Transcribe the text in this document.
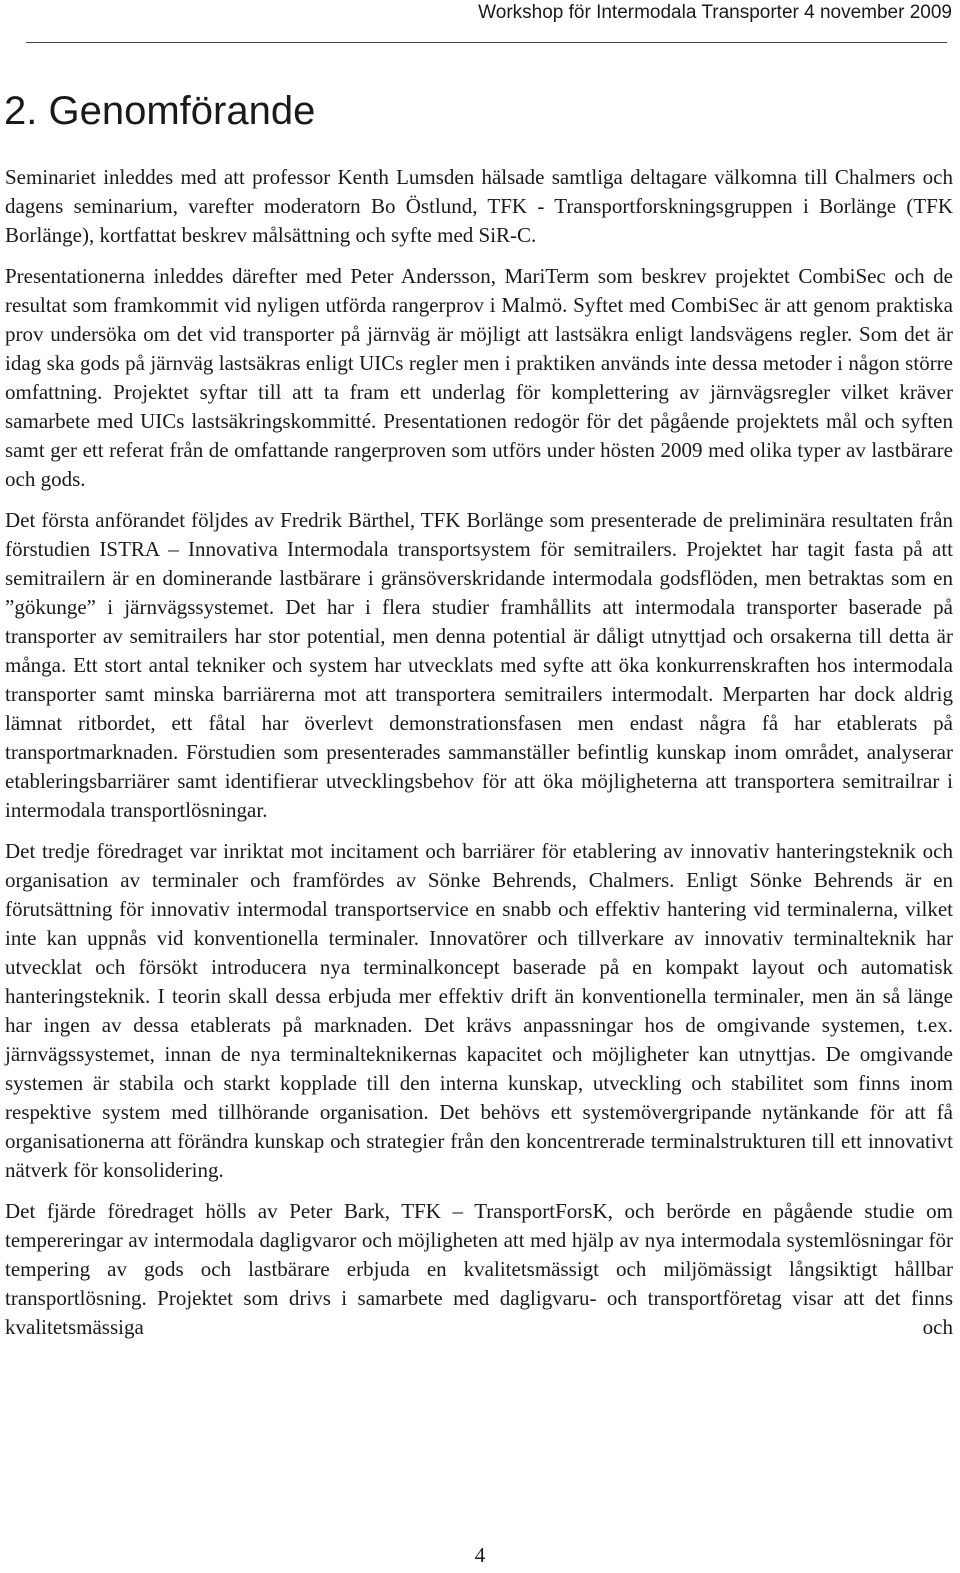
Workshop för Intermodala Transporter 4 november 2009
2. Genomförande

Seminariet inleddes med att professor Kenth Lumsden hälsade samtliga deltagare välkomna till Chalmers och dagens seminarium, varefter moderatorn Bo Östlund, TFK - Transportforskningsgruppen i Borlänge (TFK Borlänge), kortfattat beskrev målsättning och syfte med SiR-C.

Presentationerna inleddes därefter med Peter Andersson, MariTerm som beskrev projektet CombiSec och de resultat som framkommit vid nyligen utförda rangerprov i Malmö. Syftet med CombiSec är att genom praktiska prov undersöka om det vid transporter på järnväg är möjligt att lastsäkra enligt landsvägens regler. Som det är idag ska gods på järnväg lastsäkras enligt UICs regler men i praktiken används inte dessa metoder i någon större omfattning. Projektet syftar till att ta fram ett underlag för komplettering av järnvägsregler vilket kräver samarbete med UICs lastsäkringskommitté. Presentationen redogör för det pågående projektets mål och syften samt ger ett referat från de omfattande rangerproven som utförs under hösten 2009 med olika typer av lastbärare och gods.

Det första anförandet följdes av Fredrik Bärthel, TFK Borlänge som presenterade de preliminära resultaten från förstudien ISTRA – Innovativa Intermodala transportsystem för semitrailers. Projektet har tagit fasta på att semitrailern är en dominerande lastbärare i gränsöverskridande intermodala godsflöden, men betraktas som en ”gökunge” i järnvägssystemet. Det har i flera studier framhållits att intermodala transporter baserade på transporter av semitrailers har stor potential, men denna potential är dåligt utnyttjad och orsakerna till detta är många. Ett stort antal tekniker och system har utvecklats med syfte att öka konkurrenskraften hos intermodala transporter samt minska barriärerna mot att transportera semitrailers intermodalt. Merparten har dock aldrig lämnat ritbordet, ett fåtal har överlevt demonstrationsfasen men endast några få har etablerats på transportmarknaden. Förstudien som presenterades sammanställer befintlig kunskap inom området, analyserar etableringsbarriärer samt identifierar utvecklingsbehov för att öka möjligheterna att transportera semitrailrar i intermodala transportlösningar.

Det tredje föredraget var inriktat mot incitament och barriärer för etablering av innovativ hanteringsteknik och organisation av terminaler och framfördes av Sönke Behrends, Chalmers. Enligt Sönke Behrends är en förutsättning för innovativ intermodal transportservice en snabb och effektiv hantering vid terminalerna, vilket inte kan uppnås vid konventionella terminaler. Innovatörer och tillverkare av innovativ terminalteknik har utvecklat och försökt introducera nya terminalkoncept baserade på en kompakt layout och automatisk hanteringsteknik. I teorin skall dessa erbjuda mer effektiv drift än konventionella terminaler, men än så länge har ingen av dessa etablerats på marknaden. Det krävs anpassningar hos de omgivande systemen, t.ex. järnvägssystemet, innan de nya terminalteknikernas kapacitet och möjligheter kan utnyttjas. De omgivande systemen är stabila och starkt kopplade till den interna kunskap, utveckling och stabilitet som finns inom respektive system med tillhörande organisation. Det behövs ett systemövergripande nytänkande för att få organisationerna att förändra kunskap och strategier från den koncentrerade terminalstrukturen till ett innovativt nätverk för konsolidering.

Det fjärde föredraget hölls av Peter Bark, TFK – TransportForsK, och berörde en pågående studie om tempereringar av intermodala dagligvaror och möjligheten att med hjälp av nya intermodala systemlösningar för tempering av gods och lastbärare erbjuda en kvalitetsmässigt och miljömässigt långsiktigt hållbar transportlösning. Projektet som drivs i samarbete med dagligvaru- och transportföretag visar att det finns kvalitetsmässiga och

4
